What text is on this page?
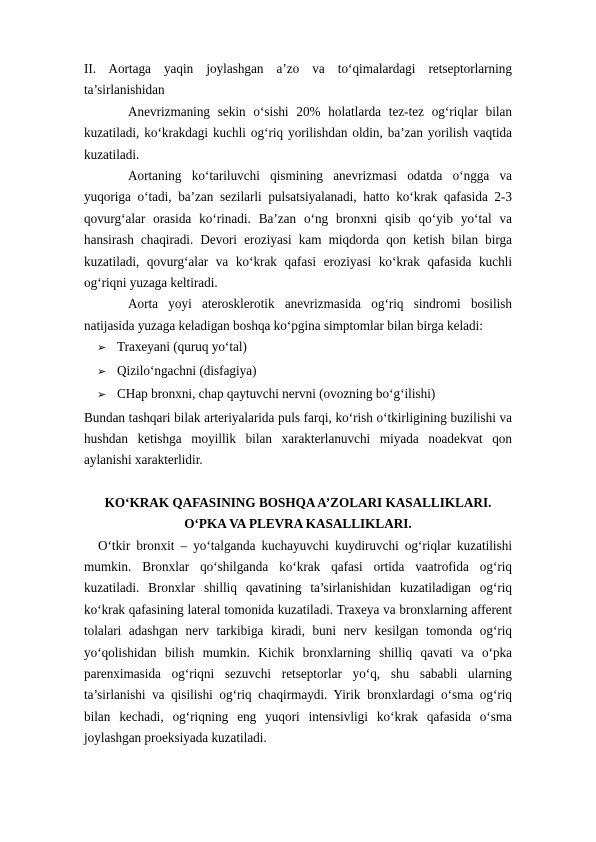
II. Aortaga yaqin joylashgan a’zo va to‘qimalardagi retseptorlarning

ta’sirlanishidan

Anevrizmaning sekin o‘sishi 20% holatlarda tez-tez og‘riqlar bilan kuzatiladi, ko‘krakdagi kuchli og‘riq yorilishdan oldin, ba’zan yorilish vaqtida kuzatiladi.

Aortaning ko‘tariluvchi qismining anevrizmasi odatda o‘ngga va yuqoriga o‘tadi, ba’zan sezilarli pulsatsiyalanadi, hatto ko‘krak qafasida 2-3 qovurg‘alar orasida ko‘rinadi. Ba’zan o‘ng bronxni qisib qo‘yib yo‘tal va hansirash chaqiradi. Devori eroziyasi kam miqdorda qon ketish bilan birga kuzatiladi, qovurg‘alar va ko‘krak qafasi eroziyasi ko‘krak qafasida kuchli og‘riqni yuzaga keltiradi.

Aorta yoyi aterosklerotik anevrizmasida og‘riq sindromi bosilish natijasida yuzaga keladigan boshqa ko‘pgina simptomlar bilan birga keladi:

➢ Traxeyani (quruq yo‘tal)
➢ Qizilo‘ngachni (disfagiya)
➢ CHap bronxni, chap qaytuvchi nervni (ovozning bo‘g‘ilishi)

Bundan tashqari bilak arteriyalarida puls farqi, ko‘rish o‘tkirligining buzilishi va hushdan ketishga moyillik bilan xarakterlanuvchi miyada noadekvat qon aylanishi xarakterlidir.

KO‘KRAK QAFASINING BOSHQA A’ZOLARI KASALLIKLARI.
O‘PKA VA PLEVRA KASALLIKLARI.

O‘tkir bronxit – yo‘talganda kuchayuvchi kuydiruvchi og‘riqlar kuzatilishi mumkin. Bronxlar qo‘shilganda ko‘krak qafasi ortida vaatrofida og‘riq kuzatiladi. Bronxlar shilliq qavatining ta’sirlanishidan kuzatiladigan og‘riq ko‘krak qafasining lateral tomonida kuzatiladi. Traxeya va bronxlarning afferent tolalari adashgan nerv tarkibiga kiradi, buni nerv kesilgan tomonda og‘riq yo‘qolishidan bilish mumkin. Kichik bronxlarning shilliq qavati va o‘pka parenximasida og‘riqni sezuvchi retseptorlar yo‘q, shu sababli ularning ta’sirlanishi va qisilishi og‘riq chaqirmaydi. Yirik bronxlardagi o‘sma og‘riq bilan kechadi, og‘riqning eng yuqori intensivligi ko‘krak qafasida o‘sma joylashgan proeksiyada kuzatiladi.
